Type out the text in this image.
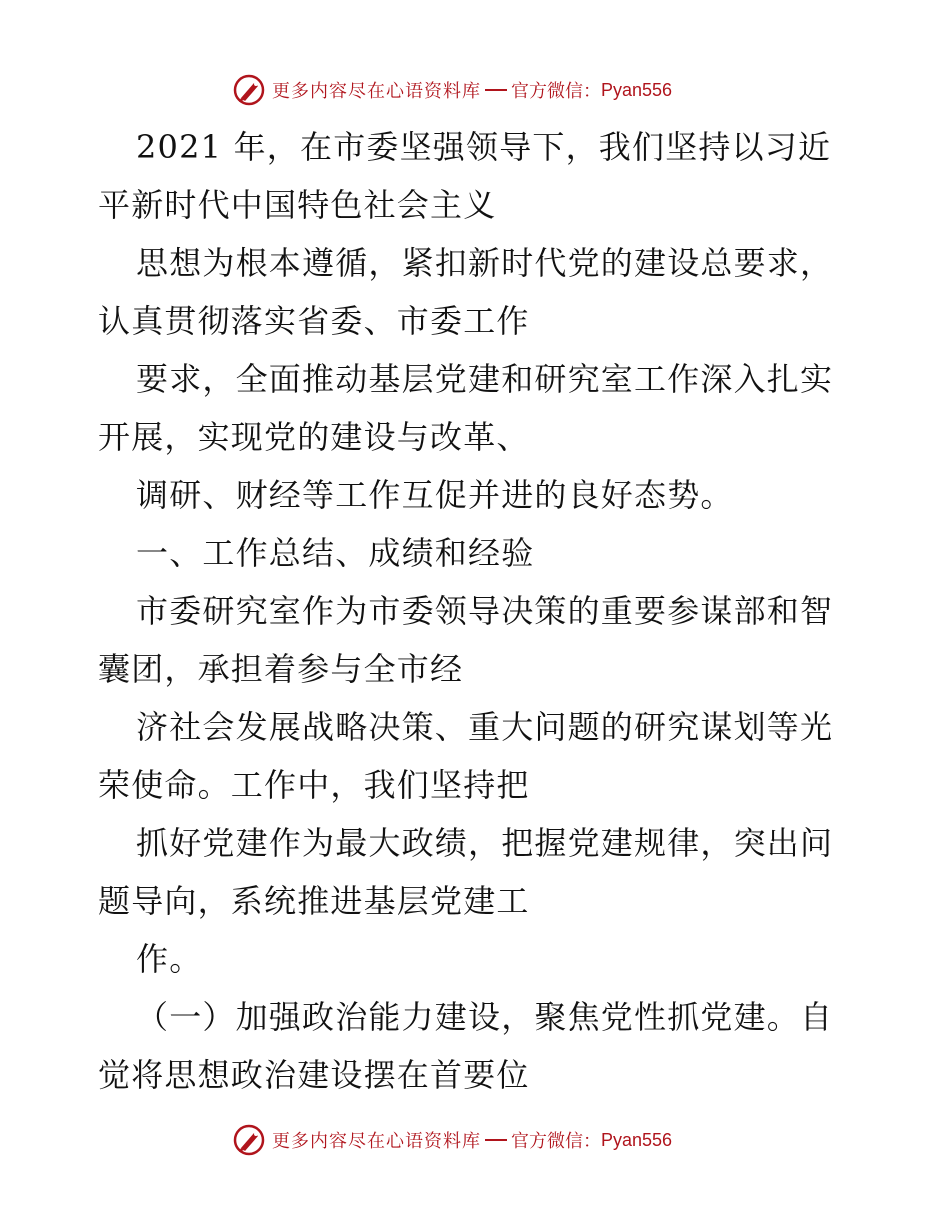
更多内容尽在心语资料库 官方微信： Pyan556
2021 年，在市委坚强领导下，我们坚持以习近
平新时代中国特色社会主义
思想为根本遵循，紧扣新时代党的建设总要求，
认真贯彻落实省委、市委工作
要求，全面推动基层党建和研究室工作深入扎实
开展，实现党的建设与改革、
调研、财经等工作互促并进的良好态势。
一、工作总结、成绩和经验
市委研究室作为市委领导决策的重要参谋部和智
囊团，承担着参与全市经
济社会发展战略决策、重大问题的研究谋划等光
荣使命。工作中，我们坚持把
抓好党建作为最大政绩，把握党建规律，突出问
题导向，系统推进基层党建工
作。
（一）加强政治能力建设，聚焦党性抓党建。自
觉将思想政治建设摆在首要位
更多内容尽在心语资料库 官方微信： Pyan556
